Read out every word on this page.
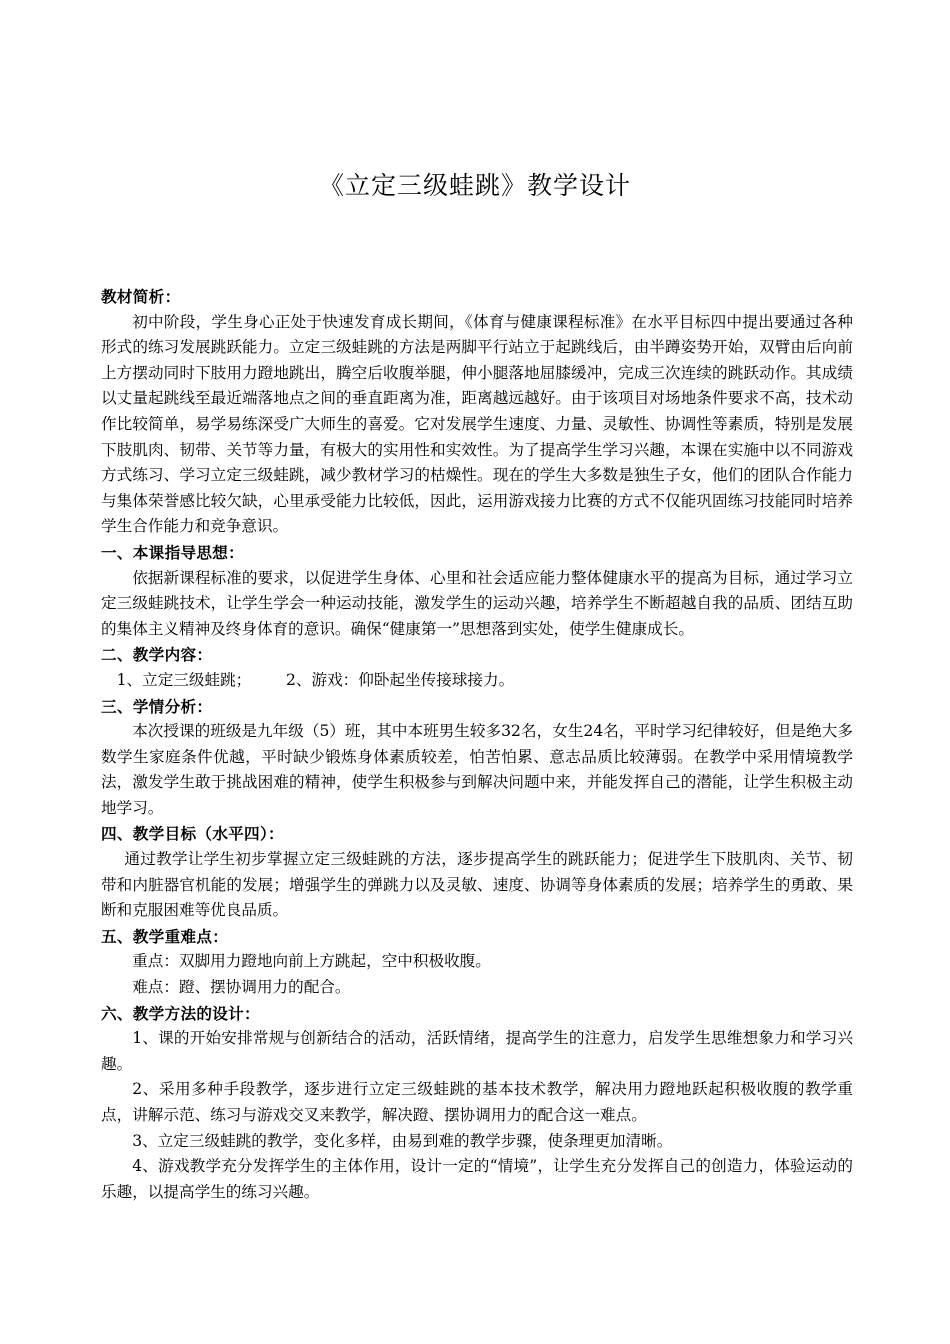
《立定三级蛙跳》教学设计

教材简析：

初中阶段，学生身心正处于快速发育成长期间，《体育与健康课程标准》在水平目标四中提出要通过各种形式的练习发展跳跃能力。立定三级蛙跳的方法是两脚平行站立于起跳线后，由半蹲姿势开始，双臂由后向前上方摆动同时下肢用力蹬地跳出，腾空后收腹举腿，伸小腿落地屈膝缓冲，完成三次连续的跳跃动作。其成绩以丈量起跳线至最近端落地点之间的垂直距离为准，距离越远越好。由于该项目对场地条件要求不高，技术动作比较简单，易学易练深受广大师生的喜爱。它对发展学生速度、力量、灵敏性、协调性等素质，特别是发展下肢肌肉、韧带、关节等力量，有极大的实用性和实效性。为了提高学生学习兴趣，本课在实施中以不同游戏方式练习、学习立定三级蛙跳，减少教材学习的枯燥性。现在的学生大多数是独生子女，他们的团队合作能力与集体荣誉感比较欠缺，心里承受能力比较低，因此，运用游戏接力比赛的方式不仅能巩固练习技能同时培养学生合作能力和竞争意识。

一、本课指导思想：

依据新课程标准的要求，以促进学生身体、心里和社会适应能力整体健康水平的提高为目标，通过学习立定三级蛙跳技术，让学生学会一种运动技能，激发学生的运动兴趣，培养学生不断超越自我的品质、团结互助的集体主义精神及终身体育的意识。确保“健康第一”思想落到实处，使学生健康成长。

二、教学内容：

1、立定三级蛙跳；       2、游戏：仰卧起坐传接球接力。

三、学情分析：

本次授课的班级是九年级（5）班，其中本班男生较多32名，女生24名，平时学习纪律较好，但是绝大多数学生家庭条件优越，平时缺少锻炼身体素质较差，怕苦怕累、意志品质比较薄弱。在教学中采用情境教学法，激发学生敢于挑战困难的精神，使学生积极参与到解决问题中来，并能发挥自己的潜能，让学生积极主动地学习。

四、教学目标（水平四）：

通过教学让学生初步掌握立定三级蛙跳的方法，逐步提高学生的跳跃能力；促进学生下肢肌肉、关节、韧带和内脏器官机能的发展；增强学生的弹跳力以及灵敏、速度、协调等身体素质的发展；培养学生的勇敢、果断和克服困难等优良品质。

五、教学重难点：

重点：双脚用力蹬地向前上方跳起，空中积极收腹。

难点：蹬、摆协调用力的配合。

六、教学方法的设计：

1、课的开始安排常规与创新结合的活动，活跃情绪，提高学生的注意力，启发学生思维想象力和学习兴趣。

2、采用多种手段教学，逐步进行立定三级蛙跳的基本技术教学，解决用力蹬地跃起积极收腹的教学重点，讲解示范、练习与游戏交叉来教学，解决蹬、摆协调用力的配合这一难点。

3、立定三级蛙跳的教学，变化多样，由易到难的教学步骤，使条理更加清晰。

4、游戏教学充分发挥学生的主体作用，设计一定的“情境”，让学生充分发挥自己的创造力，体验运动的乐趣，以提高学生的练习兴趣。
